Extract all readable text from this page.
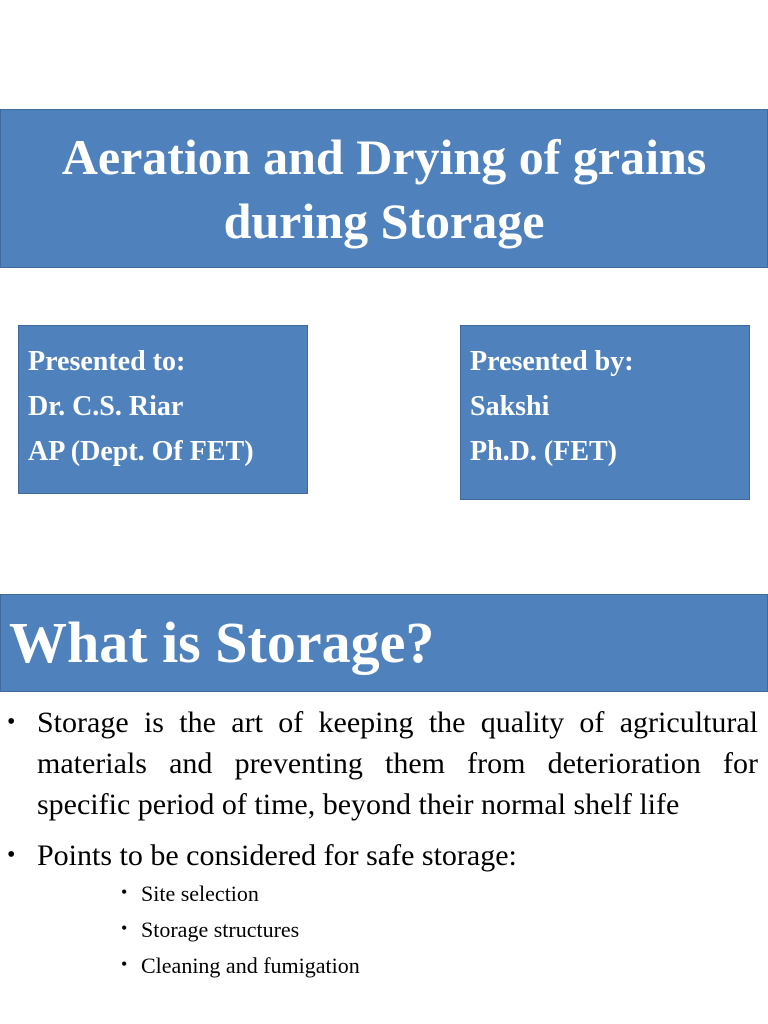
Aeration and Drying of grains
during Storage
Presented to:
Dr. C.S. Riar
AP (Dept. Of FET)
Presented by:
Sakshi
Ph.D. (FET)
What is Storage?
• Storage is the art of keeping the quality of agricultural materials and preventing them from deterioration for specific period of time, beyond their normal shelf life
• Points to be considered for safe storage:
• Site selection
• Storage structures
• Cleaning and fumigation
